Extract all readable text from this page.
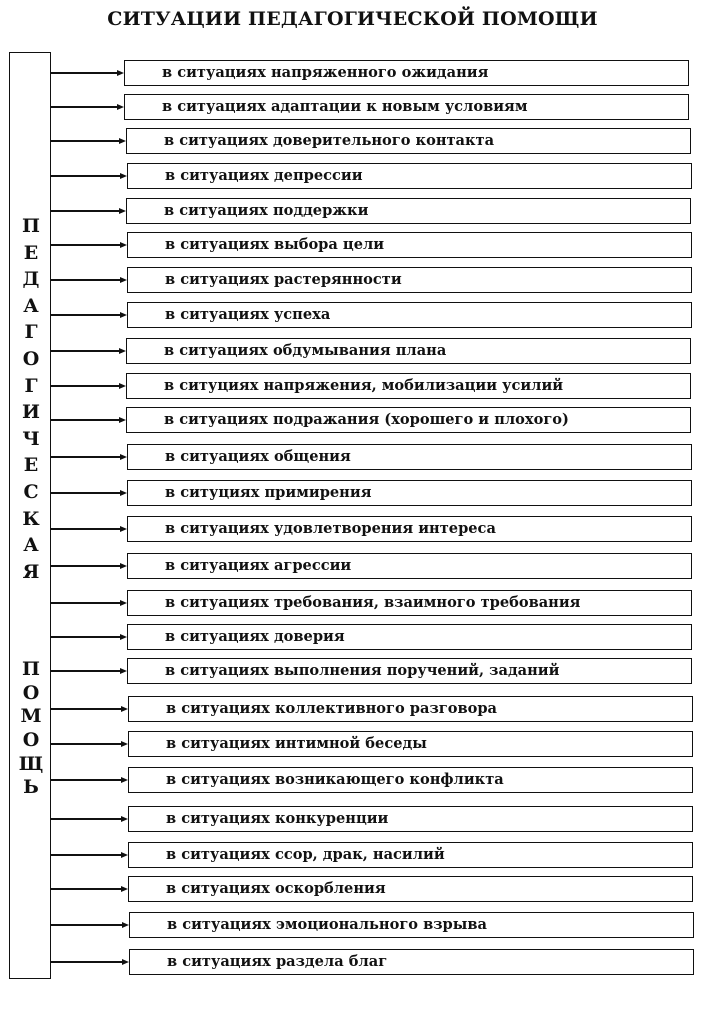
СИТУАЦИИ ПЕДАГОГИЧЕСКОЙ ПОМОЩИ
П
Е
Д
А
Г
О
Г
И
Ч
Е
С
К
А
Я
П
О
М
О
Щ
Ь
в ситуациях напряженного ожидания
в ситуациях адаптации к новым условиям
в ситуациях доверительного контакта
в ситуациях депрессии
в ситуациях поддержки
в ситуациях выбора цели
в ситуациях растерянности
в ситуациях успеха
в ситуациях обдумывания плана
в ситуциях напряжения, мобилизации усилий
в ситуациях подражания (хорошего и плохого)
в ситуациях общения
в ситуциях примирения
в ситуациях удовлетворения интереса
в ситуациях агрессии
в ситуациях требования, взаимного требования
в ситуациях доверия
в ситуациях выполнения поручений, заданий
в ситуациях коллективного разговора
в ситуациях интимной беседы
в ситуациях возникающего конфликта
в ситуациях конкуренции
в ситуациях ссор, драк, насилий
в ситуациях оскорбления
в ситуациях эмоционального взрыва
в ситуациях раздела благ
